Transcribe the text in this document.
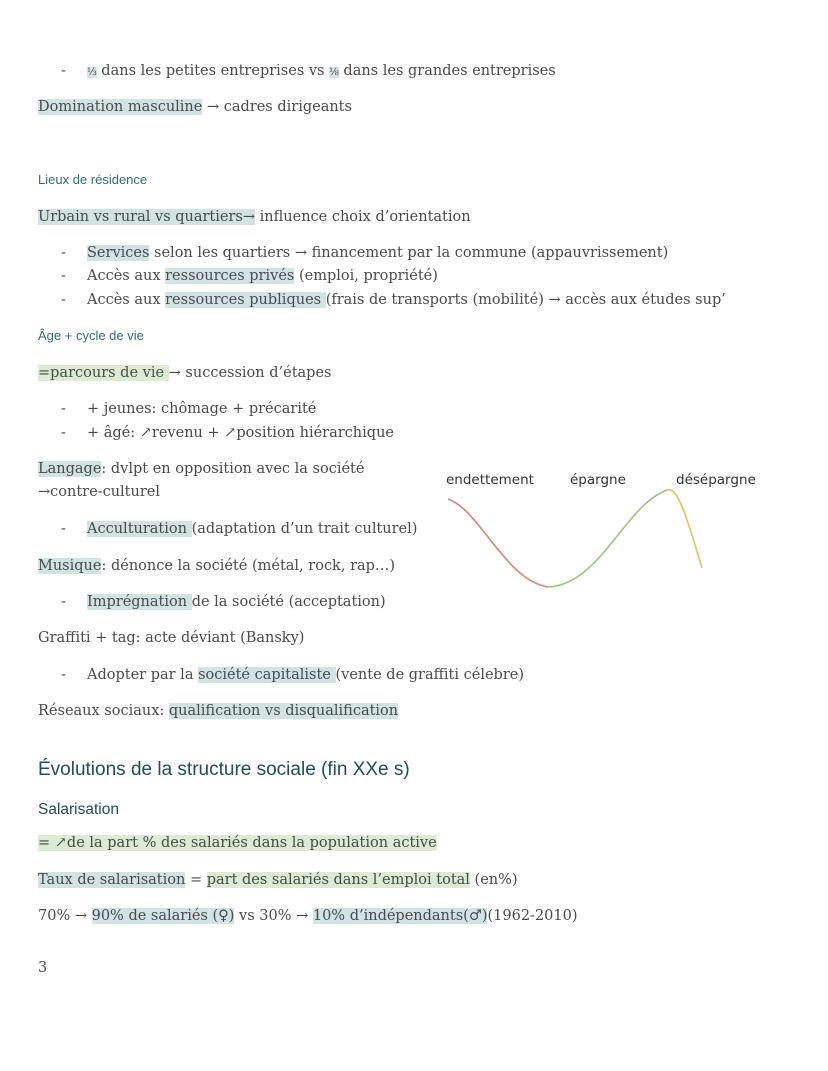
- ⅓ dans les petites entreprises vs ⅛ dans les grandes entreprises
Domination masculine → cadres dirigeants
Lieux de résidence
Urbain vs rural vs quartiers→ influence choix d’orientation
- Services selon les quartiers → financement par la commune (appauvrissement)
- Accès aux ressources privés (emploi, propriété)
- Accès aux ressources publiques (frais de transports (mobilité) → accès aux études sup’
Âge + cycle de vie
=parcours de vie → succession d’étapes
- + jeunes: chômage + précarité
- + âgé: ↗revenu + ↗position hiérarchique
Langage: dvlpt en opposition avec la société
→contre-culturel
- Acculturation (adaptation d’un trait culturel)
Musique: dénonce la société (métal, rock, rap…)
- Imprégnation de la société (acceptation)
Graffiti + tag: acte déviant (Bansky)
- Adopter par la société capitaliste (vente de graffiti célebre)
Réseaux sociaux: qualification vs disqualification
Évolutions de la structure sociale (fin XXe s)
Salarisation
= ↗de la part % des salariés dans la population active
Taux de salarisation = part des salariés dans l’emploi total (en%)
70% → 90% de salariés (♀) vs 30% → 10% d’indépendants(♂)(1962-2010)
3
endettement	épargne	désépargne
